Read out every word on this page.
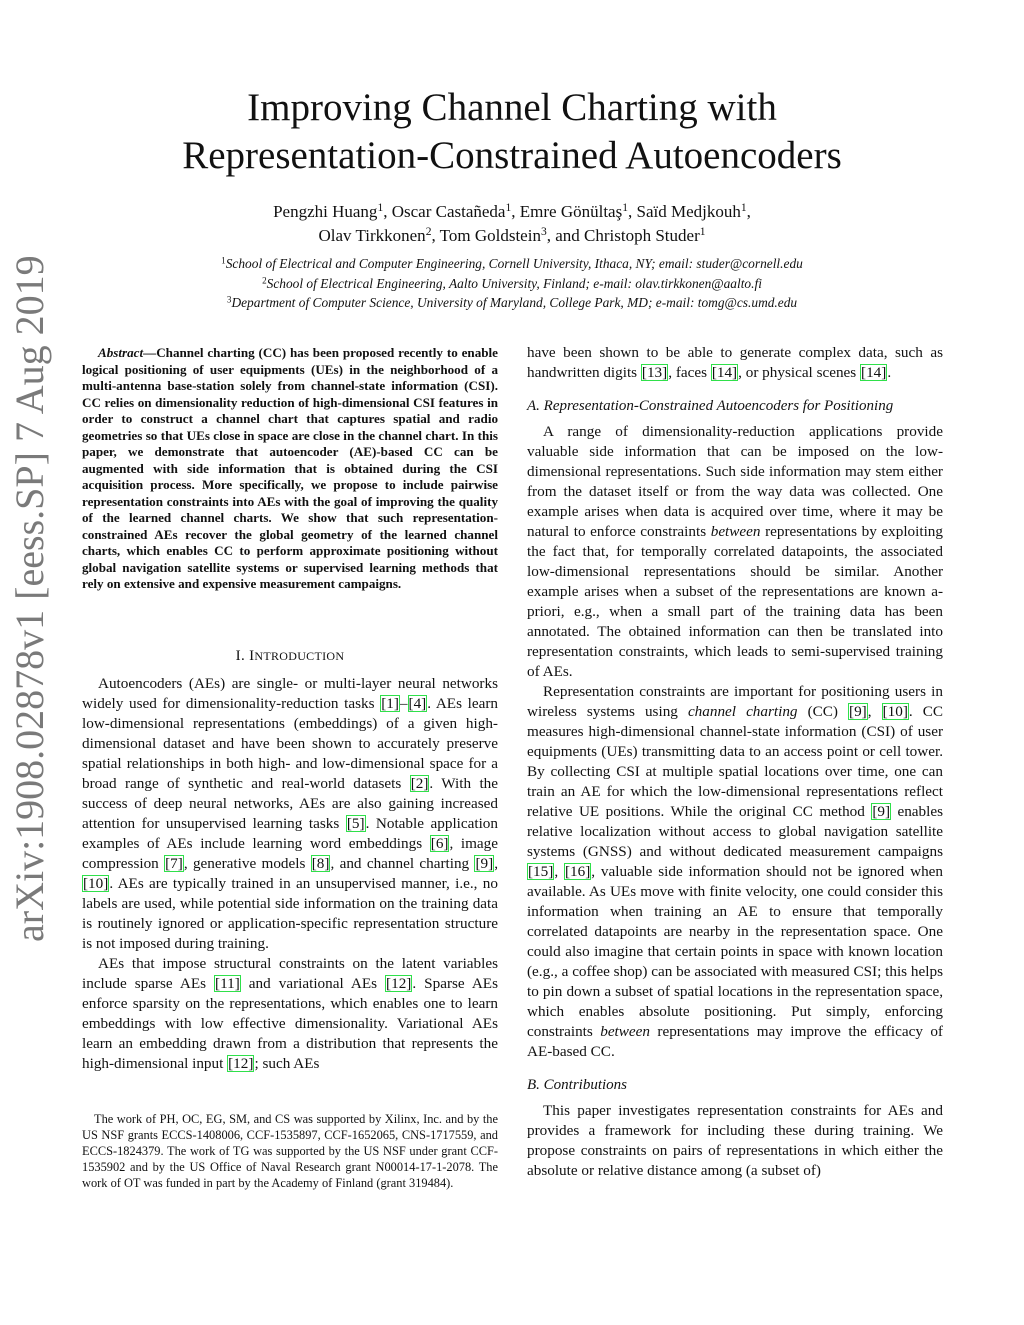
Improving Channel Charting with
Representation-Constrained Autoencoders
Pengzhi Huang$^1$, Oscar Castañeda$^1$, Emre Gönültaş$^1$, Saïd Medjkouh$^1$,
Olav Tirkkonen$^2$, Tom Goldstein$^3$, and Christoph Studer$^1$
$^1$School of Electrical and Computer Engineering, Cornell University, Ithaca, NY; email: studer@cornell.edu
$^2$School of Electrical Engineering, Aalto University, Finland; e-mail: olav.tirkkonen@aalto.fi
$^3$Department of Computer Science, University of Maryland, College Park, MD; e-mail: tomg@cs.umd.edu
arXiv:1908.02878v1 [eess.SP] 7 Aug 2019	Abstract—Channel charting (CC) has been proposed recently to enable logical positioning of user equipments (UEs) in the neighborhood of a multi-antenna base-station solely from channel-state information (CSI). CC relies on dimensionality reduction of high-dimensional CSI features in order to construct a channel chart that captures spatial and radio geometries so that UEs close in space are close in the channel chart. In this paper, we demonstrate that autoencoder (AE)-based CC can be augmented with side information that is obtained during the CSI acquisition process. More specifically, we propose to include pairwise representation constraints into AEs with the goal of improving the quality of the learned channel charts. We show that such representation-constrained AEs recover the global geometry of the learned channel charts, which enables CC to perform approximate positioning without global navigation satellite systems or supervised learning methods that rely on extensive and expensive measurement campaigns.
I. INTRODUCTION

Autoencoders (AEs) are single- or multi-layer neural networks widely used for dimensionality-reduction tasks [1]–[4]. AEs learn low-dimensional representations (embeddings) of a given high-dimensional dataset and have been shown to accurately preserve spatial relationships in both high- and low-dimensional space for a broad range of synthetic and real-world datasets [2]. With the success of deep neural networks, AEs are also gaining increased attention for unsupervised learning tasks [5]. Notable application examples of AEs include learning word embeddings [6], image compression [7], generative models [8], and channel charting [9], [10]. AEs are typically trained in an unsupervised manner, i.e., no labels are used, while potential side information on the training data is routinely ignored or application-specific representation structure is not imposed during training.

AEs that impose structural constraints on the latent variables include sparse AEs [11] and variational AEs [12]. Sparse AEs enforce sparsity on the representations, which enables one to learn embeddings with low effective dimensionality. Variational AEs learn an embedding drawn from a distribution that represents the high-dimensional input [12]; such AEs

The work of PH, OC, EG, SM, and CS was supported by Xilinx, Inc. and by the US NSF grants ECCS-1408006, CCF-1535897, CCF-1652065, CNS-1717559, and ECCS-1824379. The work of TG was supported by the US NSF under grant CCF-1535902 and by the US Office of Naval Research grant N00014-17-1-2078. The work of OT was funded in part by the Academy of Finland (grant 319484).

have been shown to be able to generate complex data, such as handwritten digits [13], faces [14], or physical scenes [14].

A. Representation-Constrained Autoencoders for Positioning

A range of dimensionality-reduction applications provide valuable side information that can be imposed on the low-dimensional representations. Such side information may stem either from the dataset itself or from the way data was collected. One example arises when data is acquired over time, where it may be natural to enforce constraints between representations by exploiting the fact that, for temporally correlated datapoints, the associated low-dimensional representations should be similar. Another example arises when a subset of the representations are known a-priori, e.g., when a small part of the training data has been annotated. The obtained information can then be translated into representation constraints, which leads to semi-supervised training of AEs.

Representation constraints are important for positioning users in wireless systems using channel charting (CC) [9], [10]. CC measures high-dimensional channel-state information (CSI) of user equipments (UEs) transmitting data to an access point or cell tower. By collecting CSI at multiple spatial locations over time, one can train an AE for which the low-dimensional representations reflect relative UE positions. While the original CC method [9] enables relative localization without access to global navigation satellite systems (GNSS) and without dedicated measurement campaigns [15], [16], valuable side information should not be ignored when available. As UEs move with finite velocity, one could consider this information when training an AE to ensure that temporally correlated datapoints are nearby in the representation space. One could also imagine that certain points in space with known location (e.g., a coffee shop) can be associated with measured CSI; this helps to pin down a subset of spatial locations in the representation space, which enables absolute positioning. Put simply, enforcing constraints between representations may improve the efficacy of AE-based CC.

B. Contributions

This paper investigates representation constraints for AEs and provides a framework for including these during training. We propose constraints on pairs of representations in which either the absolute or relative distance among (a subset of)
